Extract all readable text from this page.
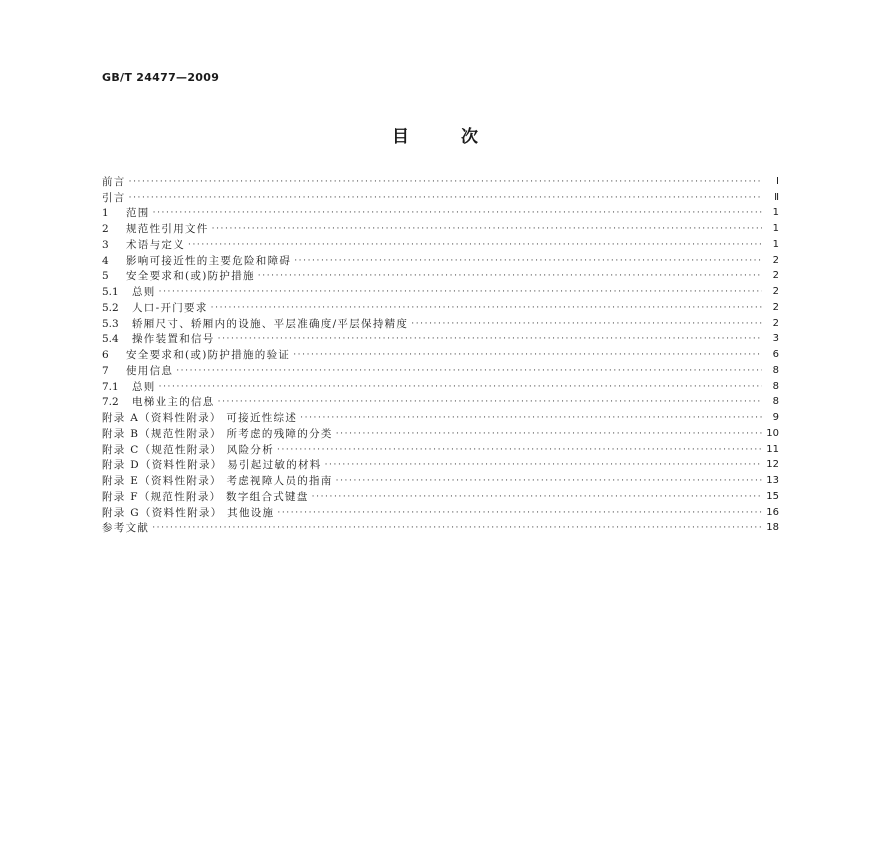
GB/T 24477—2009
目次
前言 ·····	Ⅰ
引言 ·····	Ⅱ
1	范围 ·····	1
2	规范性引用文件 ·····	1
3	术语与定义 ·····	1
4	影响可接近性的主要危险和障碍 ·····	2
5	安全要求和(或)防护措施 ·····	2
5.1	总则 ·····	2
5.2	人口-开门要求 ·····	2
5.3	轿厢尺寸、轿厢内的设施、平层准确度/平层保持精度 ·····	2
5.4	操作装置和信号 ·····	3
6	安全要求和(或)防护措施的验证 ·····	6
7	使用信息 ·····	8
7.1	总则 ·····	8
7.2	电梯业主的信息 ·····	8
附录 A（资料性附录） 可接近性综述 ·····	9
附录 B（规范性附录） 所考虑的残障的分类 ·····	10
附录 C（规范性附录） 风险分析 ·····	11
附录 D（资料性附录） 易引起过敏的材料 ·····	12
附录 E（资料性附录） 考虑视障人员的指南 ·····	13
附录 F（规范性附录） 数字组合式键盘 ·····	15
附录 G（资料性附录） 其他设施 ·····	16
参考文献 ·····	18
